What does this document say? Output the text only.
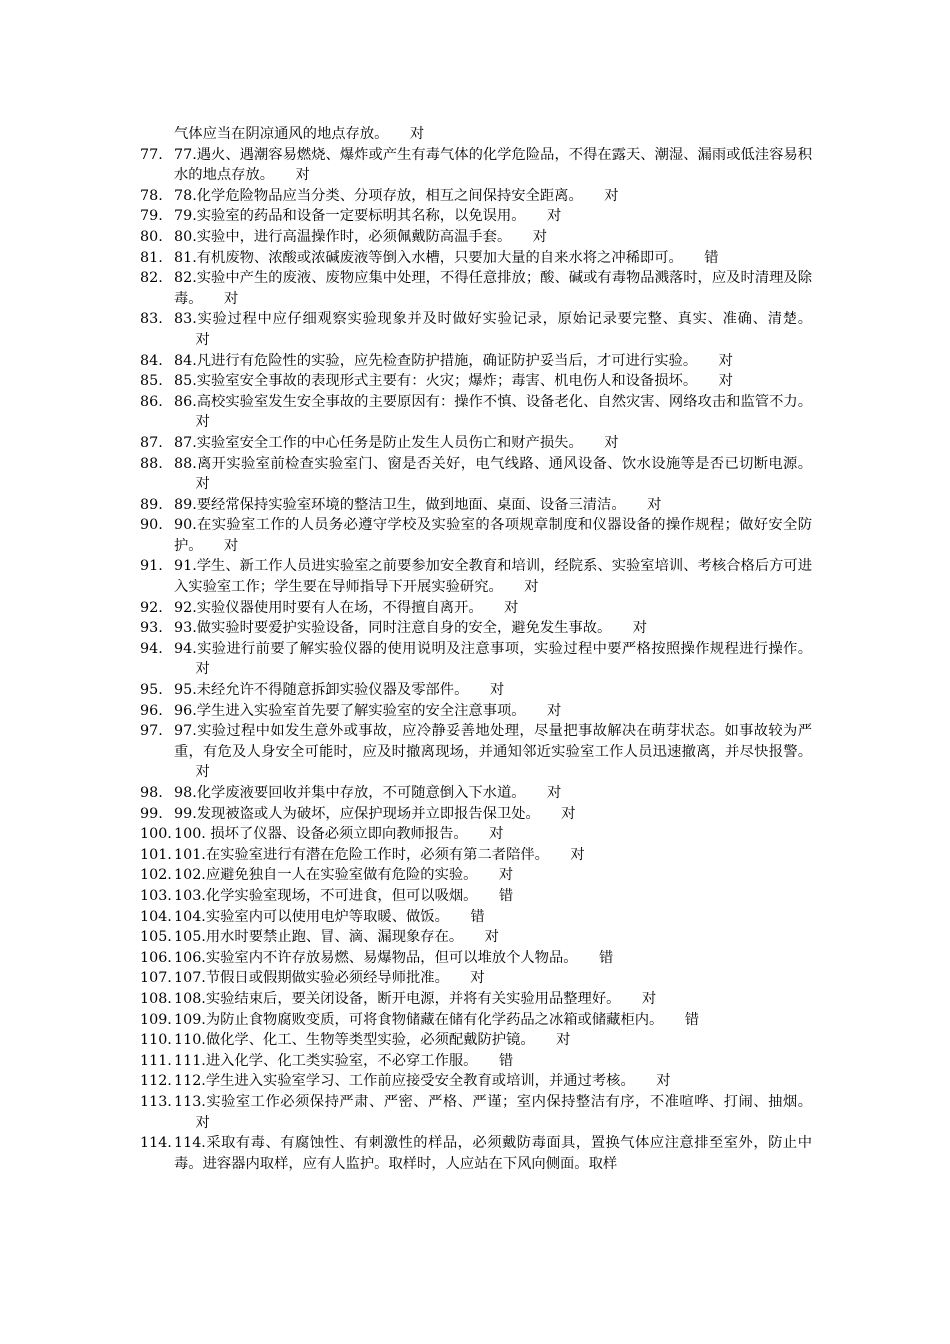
气体应当在阴凉通风的地点存放。 对
77. 77.遇火、遇潮容易燃烧、爆炸或产生有毒气体的化学危险品，不得在露天、潮湿、漏雨或低洼容易积水的地点存放。 对
78. 78.化学危险物品应当分类、分项存放，相互之间保持安全距离。 对
79. 79.实验室的药品和设备一定要标明其名称，以免误用。 对
80. 80.实验中，进行高温操作时，必须佩戴防高温手套。 对
81. 81.有机废物、浓酸或浓碱废液等倒入水槽，只要加大量的自来水将之冲稀即可。 错
82. 82.实验中产生的废液、废物应集中处理，不得任意排放；酸、碱或有毒物品溅落时，应及时清理及除毒。 对
83. 83.实验过程中应仔细观察实验现象并及时做好实验记录，原始记录要完整、真实、准确、清楚。对
84. 84.凡进行有危险性的实验，应先检查防护措施，确证防护妥当后，才可进行实验。 对
85. 85.实验室安全事故的表现形式主要有：火灾；爆炸；毒害、机电伤人和设备损坏。 对
86. 86.高校实验室发生安全事故的主要原因有：操作不慎、设备老化、自然灾害、网络攻击和监管不力。对
87. 87.实验室安全工作的中心任务是防止发生人员伤亡和财产损失。 对
88. 88.离开实验室前检查实验室门、窗是否关好，电气线路、通风设备、饮水设施等是否已切断电源。对
89. 89.要经常保持实验室环境的整洁卫生，做到地面、桌面、设备三清洁。 对
90. 90.在实验室工作的人员务必遵守学校及实验室的各项规章制度和仪器设备的操作规程；做好安全防护。 对
91. 91.学生、新工作人员进实验室之前要参加安全教育和培训，经院系、实验室培训、考核合格后方可进入实验室工作；学生要在导师指导下开展实验研究。 对
92. 92.实验仪器使用时要有人在场，不得擅自离开。 对
93. 93.做实验时要爱护实验设备，同时注意自身的安全，避免发生事故。 对
94. 94.实验进行前要了解实验仪器的使用说明及注意事项，实验过程中要严格按照操作规程进行操作。对
95. 95.未经允许不得随意拆卸实验仪器及零部件。 对
96. 96.学生进入实验室首先要了解实验室的安全注意事项。 对
97. 97.实验过程中如发生意外或事故，应冷静妥善地处理，尽量把事故解决在萌芽状态。如事故较为严重，有危及人身安全可能时，应及时撤离现场，并通知邻近实验室工作人员迅速撤离，并尽快报警。对
98. 98.化学废液要回收并集中存放，不可随意倒入下水道。 对
99. 99.发现被盗或人为破坏，应保护现场并立即报告保卫处。 对
100. 100. 损坏了仪器、设备必须立即向教师报告。 对
101. 101.在实验室进行有潜在危险工作时，必须有第二者陪伴。 对
102. 102.应避免独自一人在实验室做有危险的实验。 对
103. 103.化学实验室现场，不可进食，但可以吸烟。 错
104. 104.实验室内可以使用电炉等取暖、做饭。 错
105. 105.用水时要禁止跑、冒、滴、漏现象存在。 对
106. 106.实验室内不许存放易燃、易爆物品，但可以堆放个人物品。 错
107. 107.节假日或假期做实验必须经导师批准。 对
108. 108.实验结束后，要关闭设备，断开电源，并将有关实验用品整理好。 对
109. 109.为防止食物腐败变质，可将食物储藏在储有化学药品之冰箱或储藏柜内。 错
110. 110.做化学、化工、生物等类型实验，必须配戴防护镜。 对
111. 111.进入化学、化工类实验室，不必穿工作服。 错
112. 112.学生进入实验室学习、工作前应接受安全教育或培训，并通过考核。 对
113. 113.实验室工作必须保持严肃、严密、严格、严谨；室内保持整洁有序，不准喧哗、打闹、抽烟。对
114. 114.采取有毒、有腐蚀性、有刺激性的样品，必须戴防毒面具，置换气体应注意排至室外，防止中毒。进容器内取样，应有人监护。取样时，人应站在下风向侧面。取样
